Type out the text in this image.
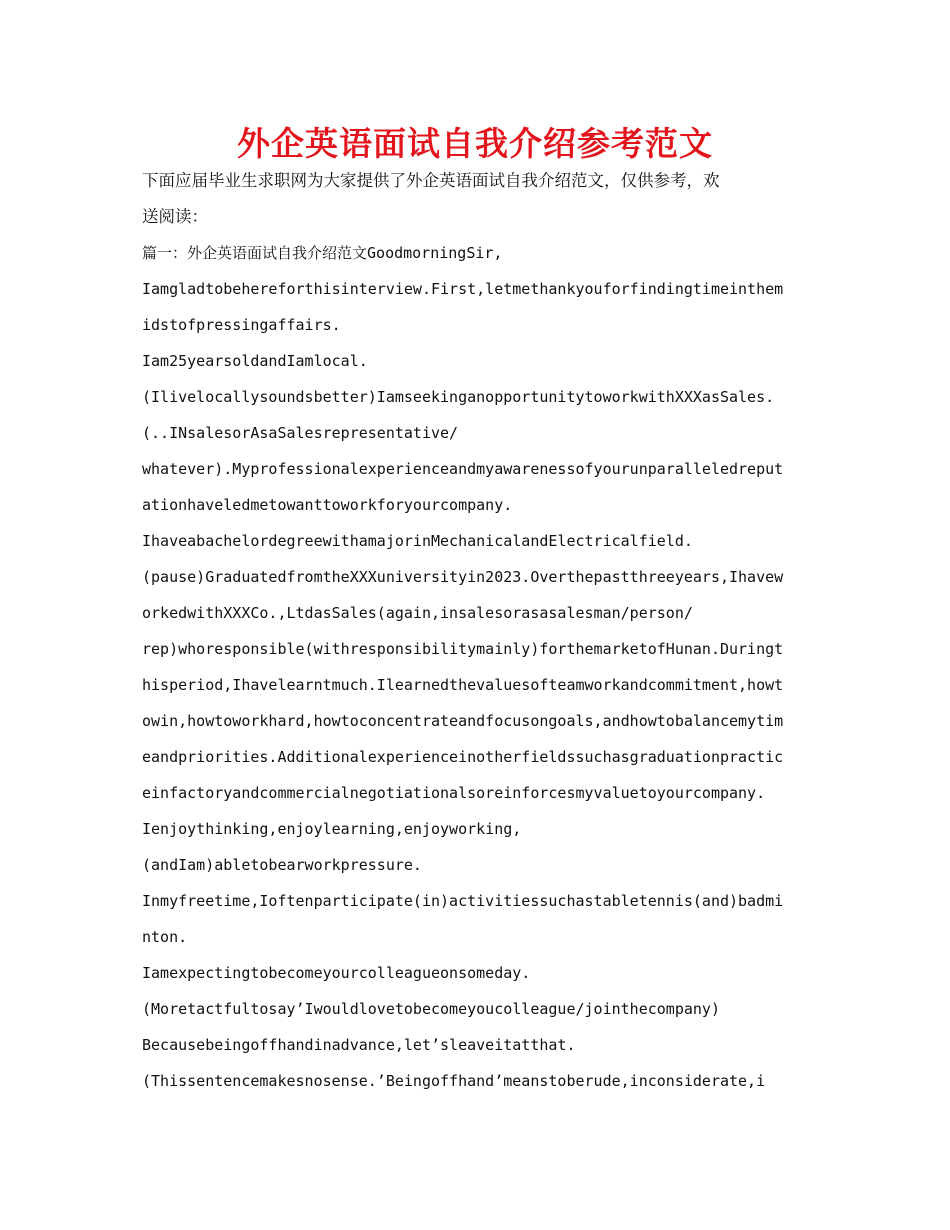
外企英语面试自我介绍参考范文
下面应届毕业生求职网为大家提供了外企英语面试自我介绍范文，仅供参考，欢
送阅读：
篇一：外企英语面试自我介绍范文GoodmorningSir,
Iamgladtobehereforthisinterview.First,letmethankyouforfindingtimeinthem
idstofpressingaffairs.
Iam25yearsoldandIamlocal.
(Ilivelocallysoundsbetter)IamseekinganopportunitytoworkwithXXXasSales.
(..INsalesorAsaSalesrepresentative/
whatever).Myprofessionalexperienceandmyawarenessofyourunparalleledreput
ationhaveledmetowanttoworkforyourcompany.
IhaveabachelordegreewithamajorinMechanicalandElectricalfield.
(pause)GraduatedfromtheXXXuniversityin2023.Overthepastthreeyears,Ihavew
orkedwithXXXCo.,LtdasSales(again,insalesorasasalesman/person/
rep)whoresponsible(withresponsibilitymainly)forthemarketofHunan.Duringt
hisperiod,Ihavelearntmuch.Ilearnedthevaluesofteamworkandcommitment,howt
owin,howtoworkhard,howtoconcentrateandfocusongoals,andhowtobalancemytim
eandpriorities.Additionalexperienceinotherfieldssuchasgraduationpractic
einfactoryandcommercialnegotiationalsoreinforcesmyvaluetoyourcompany.
Ienjoythinking,enjoylearning,enjoyworking,
(andIam)abletobearworkpressure.
Inmyfreetime,Ioftenparticipate(in)activitiessuchastabletennis(and)badmi
nton.
Iamexpectingtobecomeyourcolleagueonsomeday.
(Moretactfultosay’Iwouldlovetobecomeyoucolleague/jointhecompany)
Becausebeingoffhandinadvance,let’sleaveitatthat.
(Thissentencemakesnosense.’Beingoffhand’meanstoberude,inconsiderate,i
